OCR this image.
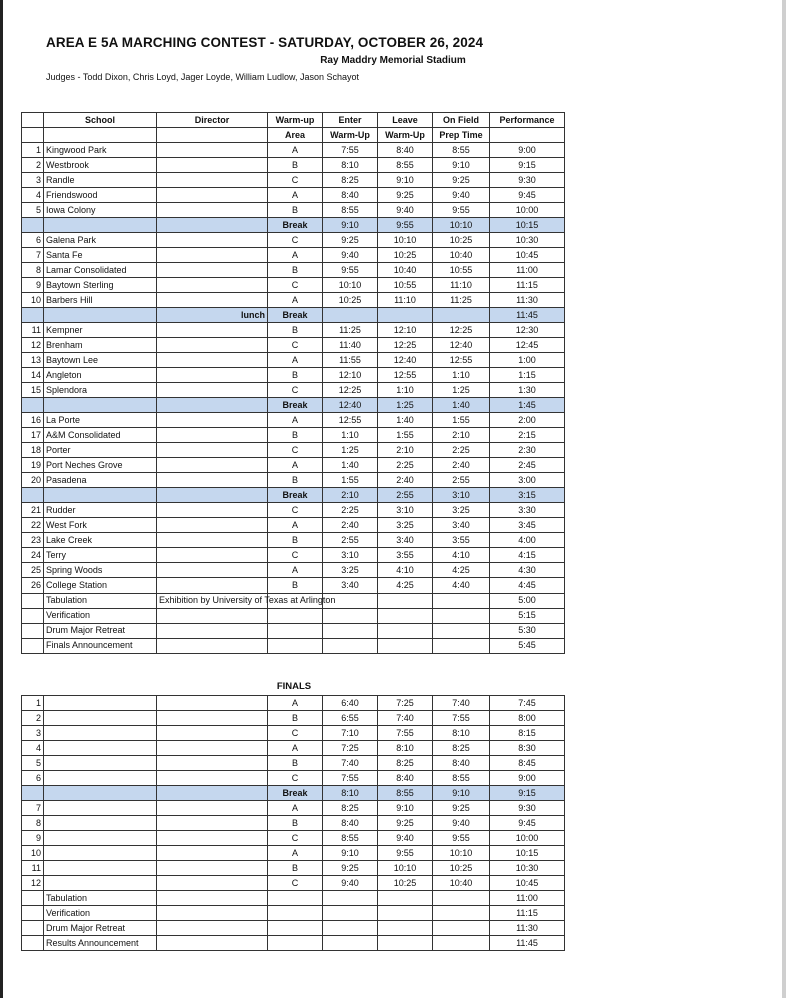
AREA E 5A MARCHING CONTEST - SATURDAY, OCTOBER 26, 2024
Ray Maddry Memorial Stadium
Judges - Todd Dixon, Chris Loyd, Jager Loyde, William Ludlow, Jason Schayot
	School	Director	Warm-up	Enter	Leave	On Field	Performance
			Area	Warm-Up	Warm-Up	Prep Time	
1	Kingwood Park		A	7:55	8:40	8:55	9:00
2	Westbrook		B	8:10	8:55	9:10	9:15
3	Randle		C	8:25	9:10	9:25	9:30
4	Friendswood		A	8:40	9:25	9:40	9:45
5	Iowa Colony		B	8:55	9:40	9:55	10:00
			Break	9:10	9:55	10:10	10:15
6	Galena Park		C	9:25	10:10	10:25	10:30
7	Santa Fe		A	9:40	10:25	10:40	10:45
8	Lamar Consolidated		B	9:55	10:40	10:55	11:00
9	Baytown Sterling		C	10:10	10:55	11:10	11:15
10	Barbers Hill		A	10:25	11:10	11:25	11:30
		lunch	Break				11:45
11	Kempner		B	11:25	12:10	12:25	12:30
12	Brenham		C	11:40	12:25	12:40	12:45
13	Baytown Lee		A	11:55	12:40	12:55	1:00
14	Angleton		B	12:10	12:55	1:10	1:15
15	Splendora		C	12:25	1:10	1:25	1:30
			Break	12:40	1:25	1:40	1:45
16	La Porte		A	12:55	1:40	1:55	2:00
17	A&M Consolidated		B	1:10	1:55	2:10	2:15
18	Porter		C	1:25	2:10	2:25	2:30
19	Port Neches Grove		A	1:40	2:25	2:40	2:45
20	Pasadena		B	1:55	2:40	2:55	3:00
			Break	2:10	2:55	3:10	3:15
21	Rudder		C	2:25	3:10	3:25	3:30
22	West Fork		A	2:40	3:25	3:40	3:45
23	Lake Creek		B	2:55	3:40	3:55	4:00
24	Terry		C	3:10	3:55	4:10	4:15
25	Spring Woods		A	3:25	4:10	4:25	4:30
26	College Station		B	3:40	4:25	4:40	4:45
	Tabulation	Exhibition by University of Texas at Arlington					5:00
	Verification						5:15
	Drum Major Retreat						5:30
	Finals Announcement						5:45
FINALS
1			A	6:40	7:25	7:40	7:45
2			B	6:55	7:40	7:55	8:00
3			C	7:10	7:55	8:10	8:15
4			A	7:25	8:10	8:25	8:30
5			B	7:40	8:25	8:40	8:45
6			C	7:55	8:40	8:55	9:00
			Break	8:10	8:55	9:10	9:15
7			A	8:25	9:10	9:25	9:30
8			B	8:40	9:25	9:40	9:45
9			C	8:55	9:40	9:55	10:00
10			A	9:10	9:55	10:10	10:15
11			B	9:25	10:10	10:25	10:30
12			C	9:40	10:25	10:40	10:45
	Tabulation						11:00
	Verification						11:15
	Drum Major Retreat						11:30
	Results Announcement						11:45
